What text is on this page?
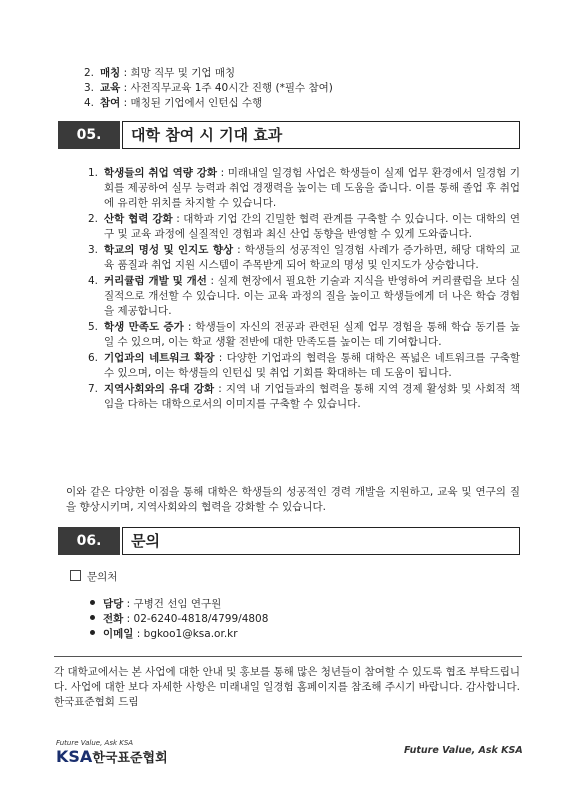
2. 매칭 : 희망 직무 및 기업 매칭
3. 교육 : 사전직무교육 1주 40시간 진행 (*필수 참여)
4. 참여 : 매칭된 기업에서 인턴십 수행
05.	대학 참여 시 기대 효과
1. 학생들의 취업 역량 강화 : 미래내일 일경험 사업은 학생들이 실제 업무 환경에서 일경험 기회를 제공하여 실무 능력과 취업 경쟁력을 높이는 데 도움을 줍니다. 이를 통해 졸업 후 취업에 유리한 위치를 차지할 수 있습니다.
2. 산학 협력 강화 : 대학과 기업 간의 긴밀한 협력 관계를 구축할 수 있습니다. 이는 대학의 연구 및 교육 과정에 실질적인 경험과 최신 산업 동향을 반영할 수 있게 도와줍니다.
3. 학교의 명성 및 인지도 향상 : 학생들의 성공적인 일경험 사례가 증가하면, 해당 대학의 교육 품질과 취업 지원 시스템이 주목받게 되어 학교의 명성 및 인지도가 상승합니다.
4. 커리큘럼 개발 및 개선 : 실제 현장에서 필요한 기술과 지식을 반영하여 커리큘럼을 보다 실질적으로 개선할 수 있습니다. 이는 교육 과정의 질을 높이고 학생들에게 더 나은 학습 경험을 제공합니다.
5. 학생 만족도 증가 : 학생들이 자신의 전공과 관련된 실제 업무 경험을 통해 학습 동기를 높일 수 있으며, 이는 학교 생활 전반에 대한 만족도를 높이는 데 기여합니다.
6. 기업과의 네트워크 확장 : 다양한 기업과의 협력을 통해 대학은 폭넓은 네트워크를 구축할 수 있으며, 이는 학생들의 인턴십 및 취업 기회를 확대하는 데 도움이 됩니다.
7. 지역사회와의 유대 강화 : 지역 내 기업들과의 협력을 통해 지역 경제 활성화 및 사회적 책임을 다하는 대학으로서의 이미지를 구축할 수 있습니다.
이와 같은 다양한 이점을 통해 대학은 학생들의 성공적인 경력 개발을 지원하고, 교육 및 연구의 질을 향상시키며, 지역사회와의 협력을 강화할 수 있습니다.
06.	문의
문의처
담당 : 구병건 선임 연구원
전화 : 02-6240-4818/4799/4808
이메일 : bgkoo1@ksa.or.kr
각 대학교에서는 본 사업에 대한 안내 및 홍보를 통해 많은 청년들이 참여할 수 있도록 협조 부탁드립니다. 사업에 대한 보다 자세한 사항은 미래내일 일경험 홈페이지를 참조해 주시기 바랍니다. 감사합니다.
한국표준협회 드림
Future Value, Ask KSA
KSA한국표준협회
Future Value, Ask KSA
